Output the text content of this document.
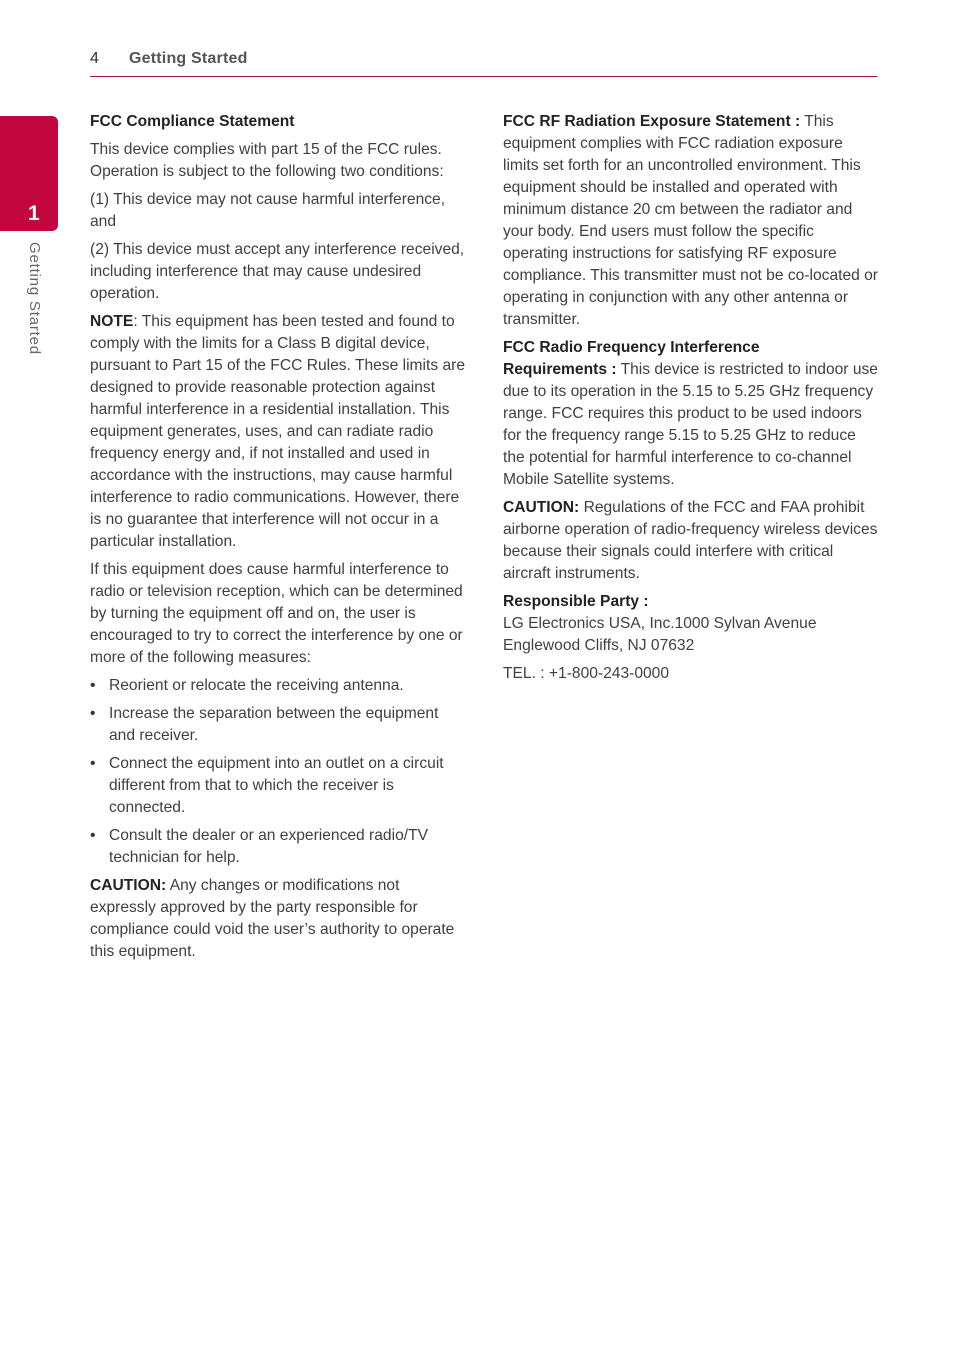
4 Getting Started
1
Getting Started
FCC Compliance Statement

This device complies with part 15 of the FCC rules. Operation is subject to the following two conditions:

(1) This device may not cause harmful interference, and

(2) This device must accept any interference received, including interference that may cause undesired operation.

NOTE: This equipment has been tested and found to comply with the limits for a Class B digital device, pursuant to Part 15 of the FCC Rules. These limits are designed to provide reasonable protection against harmful interference in a residential installation. This equipment generates, uses, and can radiate radio frequency energy and, if not installed and used in accordance with the instructions, may cause harmful interference to radio communications. However, there is no guarantee that interference will not occur in a particular installation.

If this equipment does cause harmful interference to radio or television reception, which can be determined by turning the equipment off and on, the user is encouraged to try to correct the interference by one or more of the following measures:

• Reorient or relocate the receiving antenna.
• Increase the separation between the equipment and receiver.
• Connect the equipment into an outlet on a circuit different from that to which the receiver is connected.
• Consult the dealer or an experienced radio/TV technician for help.

CAUTION: Any changes or modifications not expressly approved by the party responsible for compliance could void the user’s authority to operate this equipment.

FCC RF Radiation Exposure Statement : This equipment complies with FCC radiation exposure limits set forth for an uncontrolled environment. This equipment should be installed and operated with minimum distance 20 cm between the radiator and your body. End users must follow the specific operating instructions for satisfying RF exposure compliance. This transmitter must not be co-located or operating in conjunction with any other antenna or transmitter.

FCC Radio Frequency Interference

Requirements : This device is restricted to indoor use due to its operation in the 5.15 to 5.25 GHz frequency range. FCC requires this product to be used indoors for the frequency range 5.15 to 5.25 GHz to reduce the potential for harmful interference to co-channel Mobile Satellite systems.

CAUTION: Regulations of the FCC and FAA prohibit airborne operation of radio-frequency wireless devices because their signals could interfere with critical aircraft instruments.

Responsible Party :

LG Electronics USA, Inc.1000 Sylvan Avenue
Englewood Cliffs, NJ 07632

TEL. : +1-800-243-0000
